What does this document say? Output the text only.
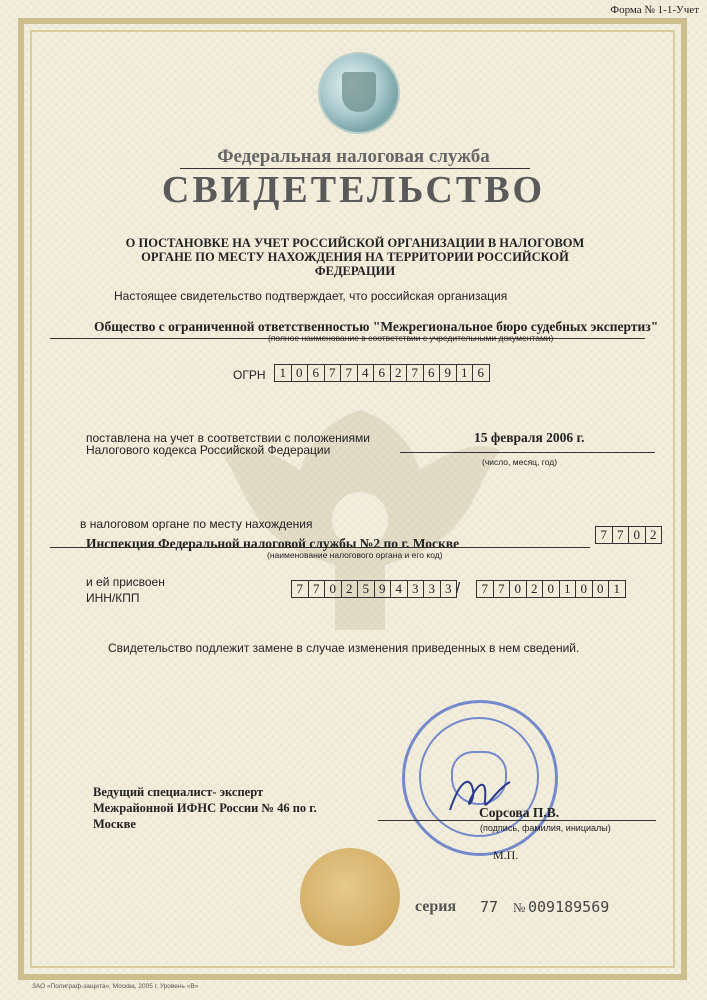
Форма № 1-1-Учет
Федеральная налоговая служба
СВИДЕТЕЛЬСТВО
О ПОСТАНОВКЕ НА УЧЕТ РОССИЙСКОЙ ОРГАНИЗАЦИИ В НАЛОГОВОМ ОРГАНЕ ПО МЕСТУ НАХОЖДЕНИЯ НА ТЕРРИТОРИИ РОССИЙСКОЙ ФЕДЕРАЦИИ
Настоящее свидетельство подтверждает, что российская организация
Общество с ограниченной ответственностью "Межрегиональное бюро судебных экспертиз"
(полное наименование в соответствии с учредительными документами)
ОГРН	1 0 6 7 7 4 6 2 7 6 9 1 6
поставлена на учет в соответствии с положениями
Налогового кодекса Российской Федерации
15 февраля 2006 г.
(число, месяц, год)
в налоговом органе по месту нахождения
Инспекция Федеральной налоговой службы №2 по г. Москве
(наименование налогового органа и его код)
7 7 0 2
и ей присвоен
ИНН/КПП
7 7 0 2 5 9 4 3 3 3 /	7 7 0 2 0 1 0 0 1
Свидетельство подлежит замене в случае изменения приведенных в нем сведений.
Ведущий специалист- эксперт
Межрайонной ИФНС России № 46 по г.
Москве
Сорсова П.В.
(подпись, фамилия, инициалы)
М.П.
серия 77 № 009189569
ЗАО «Полиграф-защита», Москва, 2005 г. Уровень «В»
